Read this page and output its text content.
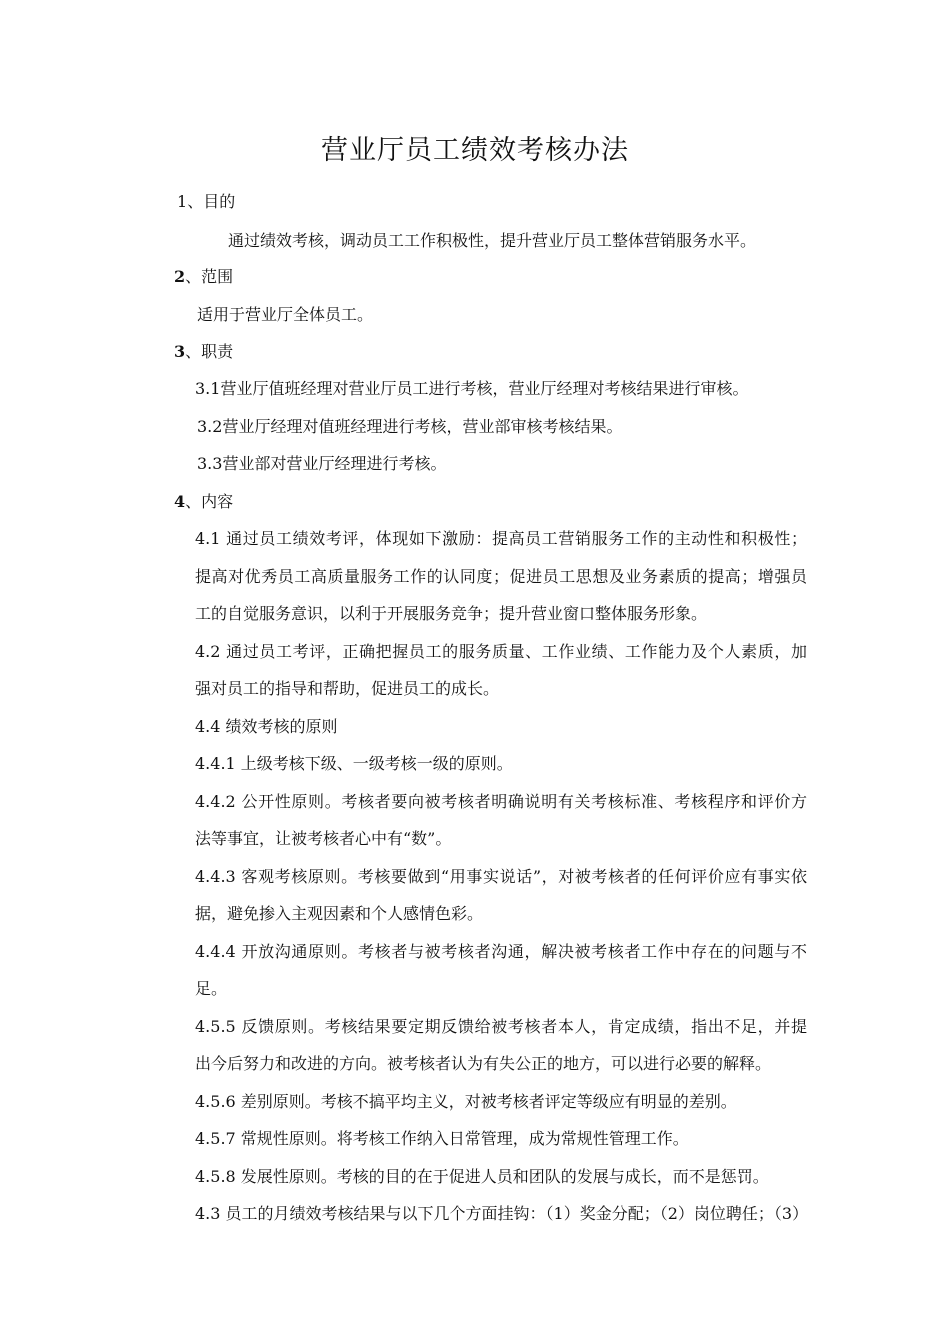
营业厅员工绩效考核办法
1、目的
通过绩效考核，调动员工工作积极性，提升营业厅员工整体营销服务水平。
2、范围
适用于营业厅全体员工。
3、职责
3.1营业厅值班经理对营业厅员工进行考核，营业厅经理对考核结果进行审核。
3.2营业厅经理对值班经理进行考核，营业部审核考核结果。
3.3营业部对营业厅经理进行考核。
4、内容
4.1 通过员工绩效考评，体现如下激励：提高员工营销服务工作的主动性和积极性；
提高对优秀员工高质量服务工作的认同度；促进员工思想及业务素质的提高；增强员
工的自觉服务意识，以利于开展服务竞争；提升营业窗口整体服务形象。
4.2 通过员工考评，正确把握员工的服务质量、工作业绩、工作能力及个人素质，加
强对员工的指导和帮助，促进员工的成长。
4.4 绩效考核的原则
4.4.1 上级考核下级、一级考核一级的原则。
4.4.2 公开性原则。考核者要向被考核者明确说明有关考核标准、考核程序和评价方
法等事宜，让被考核者心中有“数”。
4.4.3 客观考核原则。考核要做到“用事实说话”，对被考核者的任何评价应有事实依
据，避免掺入主观因素和个人感情色彩。
4.4.4 开放沟通原则。考核者与被考核者沟通，解决被考核者工作中存在的问题与不
足。
4.5.5 反馈原则。考核结果要定期反馈给被考核者本人，肯定成绩，指出不足，并提
出今后努力和改进的方向。被考核者认为有失公正的地方，可以进行必要的解释。
4.5.6 差别原则。考核不搞平均主义，对被考核者评定等级应有明显的差别。
4.5.7 常规性原则。将考核工作纳入日常管理，成为常规性管理工作。
4.5.8 发展性原则。考核的目的在于促进人员和团队的发展与成长，而不是惩罚。
4.3 员工的月绩效考核结果与以下几个方面挂钩：（1）奖金分配；（2）岗位聘任；（3）
